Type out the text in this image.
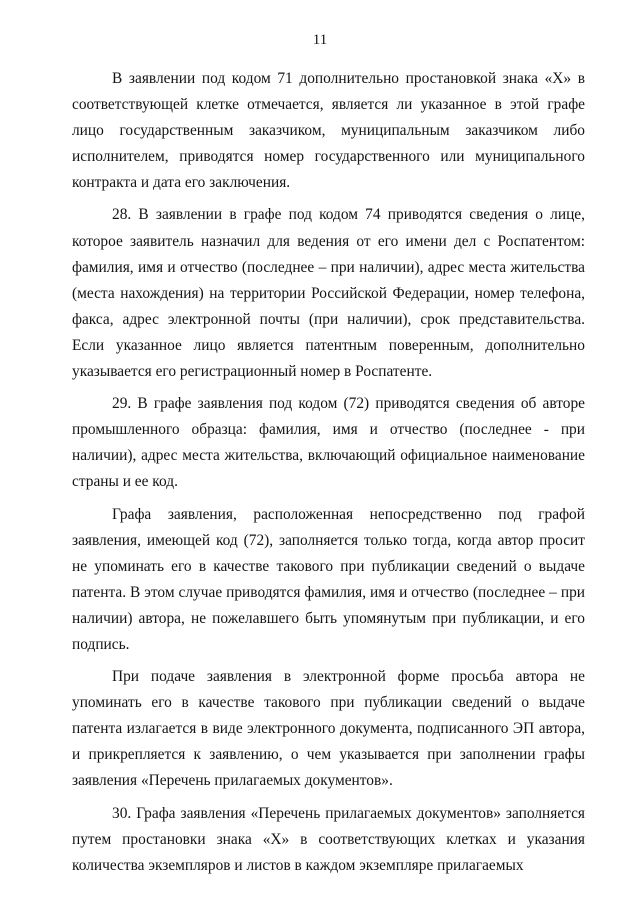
11

В заявлении под кодом 71 дополнительно простановкой знака «X» в соответствующей клетке отмечается, является ли указанное в этой графе лицо государственным заказчиком, муниципальным заказчиком либо исполнителем, приводятся номер государственного или муниципального контракта и дата его заключения.

28. В заявлении в графе под кодом 74 приводятся сведения о лице, которое заявитель назначил для ведения от его имени дел с Роспатентом: фамилия, имя и отчество (последнее – при наличии), адрес места жительства (места нахождения) на территории Российской Федерации, номер телефона, факса, адрес электронной почты (при наличии), срок представительства. Если указанное лицо является патентным поверенным, дополнительно указывается его регистрационный номер в Роспатенте.

29. В графе заявления под кодом (72) приводятся сведения об авторе промышленного образца: фамилия, имя и отчество (последнее - при наличии), адрес места жительства, включающий официальное наименование страны и ее код.

Графа заявления, расположенная непосредственно под графой заявления, имеющей код (72), заполняется только тогда, когда автор просит не упоминать его в качестве такового при публикации сведений о выдаче патента. В этом случае приводятся фамилия, имя и отчество (последнее – при наличии) автора, не пожелавшего быть упомянутым при публикации, и его подпись.

При подаче заявления в электронной форме просьба автора не упоминать его в качестве такового при публикации сведений о выдаче патента излагается в виде электронного документа, подписанного ЭП автора, и прикрепляется к заявлению, о чем указывается при заполнении графы заявления «Перечень прилагаемых документов».

30. Графа заявления «Перечень прилагаемых документов» заполняется путем простановки знака «X» в соответствующих клетках и указания количества экземпляров и листов в каждом экземпляре прилагаемых
